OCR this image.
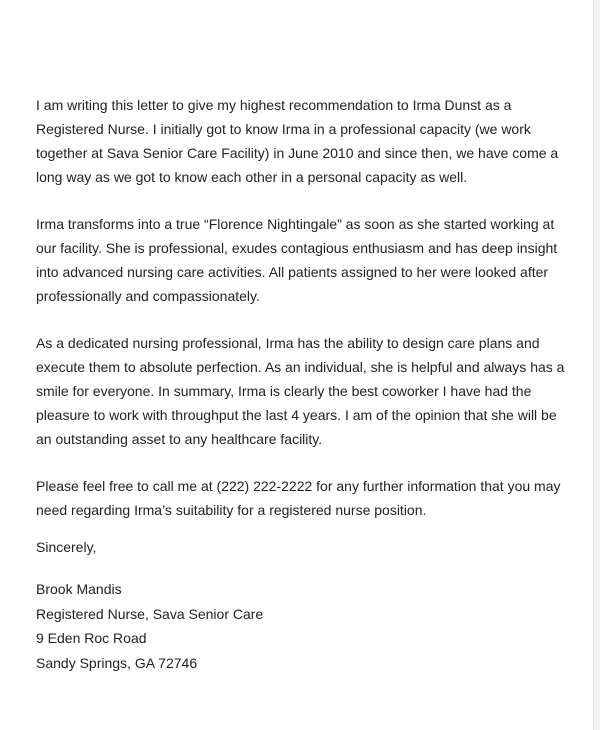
I am writing this letter to give my highest recommendation to Irma Dunst as a Registered Nurse. I initially got to know Irma in a professional capacity (we work together at Sava Senior Care Facility) in June 2010 and since then, we have come a long way as we got to know each other in a personal capacity as well.

Irma transforms into a true “Florence Nightingale” as soon as she started working at our facility. She is professional, exudes contagious enthusiasm and has deep insight into advanced nursing care activities. All patients assigned to her were looked after professionally and compassionately.

As a dedicated nursing professional, Irma has the ability to design care plans and execute them to absolute perfection. As an individual, she is helpful and always has a smile for everyone. In summary, Irma is clearly the best coworker I have had the pleasure to work with throughput the last 4 years. I am of the opinion that she will be an outstanding asset to any healthcare facility.

Please feel free to call me at (222) 222-2222 for any further information that you may need regarding Irma’s suitability for a registered nurse position.

Sincerely,
Brook Mandis
Registered Nurse, Sava Senior Care
9 Eden Roc Road
Sandy Springs, GA 72746
